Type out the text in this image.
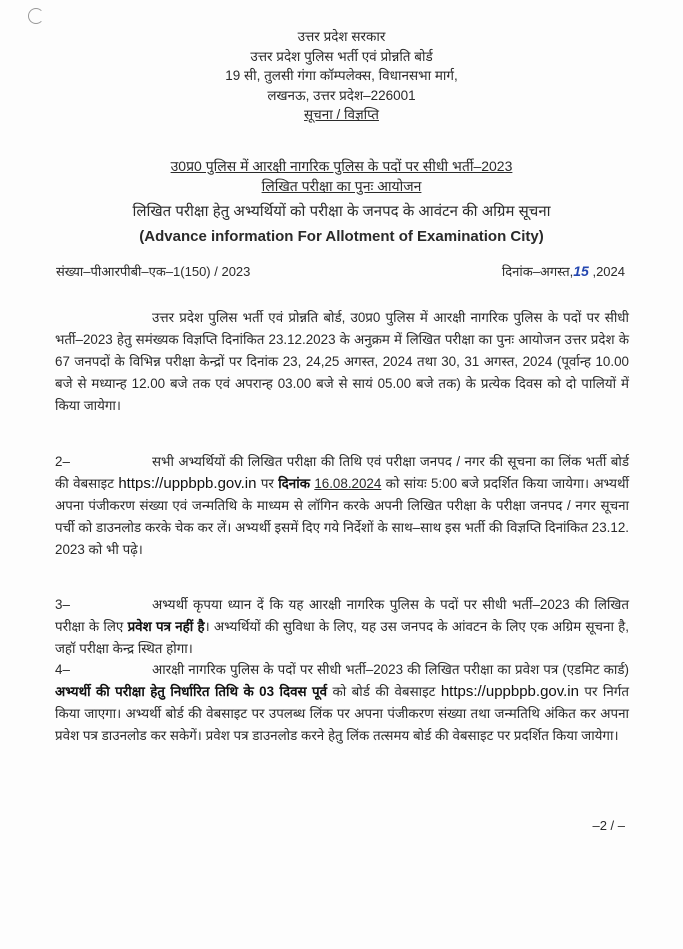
उत्तर प्रदेश सरकार
उत्तर प्रदेश पुलिस भर्ती एवं प्रोन्नति बोर्ड
19 सी, तुलसी गंगा कॉम्पलेक्स, विधानसभा मार्ग,
लखनऊ, उत्तर प्रदेश–226001
सूचना / विज्ञप्ति
उ0प्र0 पुलिस में आरक्षी नागरिक पुलिस के पदों पर सीधी भर्ती–2023
लिखित परीक्षा का पुनः आयोजन
लिखित परीक्षा हेतु अभ्यर्थियों को परीक्षा के जनपद के आवंटन की अग्रिम सूचना
(Advance information For Allotment of Examination City)
संख्या–पीआरपीबी–एक–1(150) / 2023	दिनांक–अगस्त,15 ,2024
उत्तर प्रदेश पुलिस भर्ती एवं प्रोन्नति बोर्ड, उ0प्र0 पुलिस में आरक्षी नागरिक पुलिस के पदों पर सीधी भर्ती–2023 हेतु समंख्यक विज्ञप्ति दिनांकित 23.12.2023 के अनुक्रम में लिखित परीक्षा का पुनः आयोजन उत्तर प्रदेश के 67 जनपदों के विभिन्न परीक्षा केन्द्रों पर दिनांक 23, 24,25 अगस्त, 2024 तथा 30, 31 अगस्त, 2024 (पूर्वान्ह 10.00 बजे से मध्यान्ह 12.00 बजे तक एवं अपरान्ह 03.00 बजे से सायं 05.00 बजे तक) के प्रत्येक दिवस को दो पालियों में किया जायेगा।
2–	सभी अभ्यर्थियों की लिखित परीक्षा की तिथि एवं परीक्षा जनपद / नगर की सूचना का लिंक भर्ती बोर्ड की वेबसाइट https://uppbpb.gov.in पर दिनांक 16.08.2024 को सांयः 5:00 बजे प्रदर्शित किया जायेगा। अभ्यर्थी अपना पंजीकरण संख्या एवं जन्मतिथि के माध्यम से लॉगिन करके अपनी लिखित परीक्षा के परीक्षा जनपद / नगर सूचना पर्ची को डाउनलोड करके चेक कर लें। अभ्यर्थी इसमें दिए गये निर्देशों के साथ–साथ इस भर्ती की विज्ञप्ति दिनांकित 23.12. 2023 को भी पढ़े।
3–	अभ्यर्थी कृपया ध्यान दें कि यह आरक्षी नागरिक पुलिस के पदों पर सीधी भर्ती–2023 की लिखित परीक्षा के लिए प्रवेश पत्र नहीं है। अभ्यर्थियों की सुविधा के लिए, यह उस जनपद के आंवटन के लिए एक अग्रिम सूचना है, जहॉ परीक्षा केन्द्र स्थित होगा।
4–	आरक्षी नागरिक पुलिस के पदों पर सीधी भर्ती–2023 की लिखित परीक्षा का प्रवेश पत्र (एडमिट कार्ड) अभ्यर्थी की परीक्षा हेतु निर्धारित तिथि के 03 दिवस पूर्व को बोर्ड की वेबसाइट https://uppbpb.gov.in पर निर्गत किया जाएगा। अभ्यर्थी बोर्ड की वेबसाइट पर उपलब्ध लिंक पर अपना पंजीकरण संख्या तथा जन्मतिथि अंकित कर अपना प्रवेश पत्र डाउनलोड कर सकेगें। प्रवेश पत्र डाउनलोड करने हेतु लिंक तत्समय बोर्ड की वेबसाइट पर प्रदर्शित किया जायेगा।
–2 / –
